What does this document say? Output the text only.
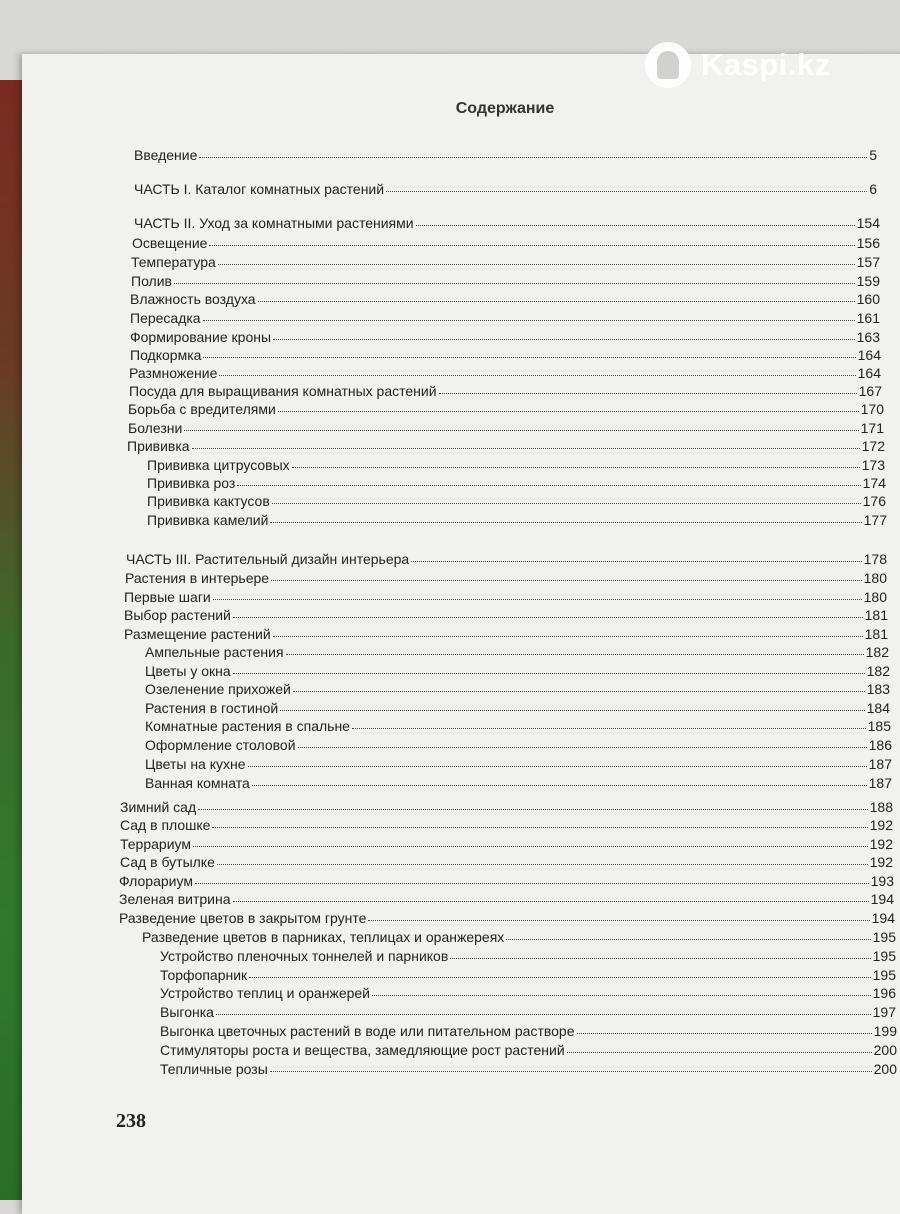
Kaspi.kz
Содержание
Введение	5
ЧАСТЬ I. Каталог комнатных растений	6
ЧАСТЬ II. Уход за комнатными растениями	154
Освещение	156
Температура	157
Полив	159
Влажность воздуха	160
Пересадка	161
Формирование кроны	163
Подкормка	164
Размножение	164
Посуда для выращивания комнатных растений	167
Борьба с вредителями	170
Болезни	171
Прививка	172
Прививка цитрусовых	173
Прививка роз	174
Прививка кактусов	176
Прививка камелий	177
ЧАСТЬ III. Растительный дизайн интерьера	178
Растения в интерьере	180
Первые шаги	180
Выбор растений	181
Размещение растений	181
Ампельные растения	182
Цветы у окна	182
Озеленение прихожей	183
Растения в гостиной	184
Комнатные растения в спальне	185
Оформление столовой	186
Цветы на кухне	187
Ванная комната	187
Зимний сад	188
Сад в плошке	192
Террариум	192
Сад в бутылке	192
Флорариум	193
Зеленая витрина	194
Разведение цветов в закрытом грунте	194
Разведение цветов в парниках, теплицах и оранжереях	195
Устройство пленочных тоннелей и парников	195
Торфопарник	195
Устройство теплиц и оранжерей	196
Выгонка	197
Выгонка цветочных растений в воде или питательном растворе	199
Стимуляторы роста и вещества, замедляющие рост растений	200
Тепличные розы	200
238
